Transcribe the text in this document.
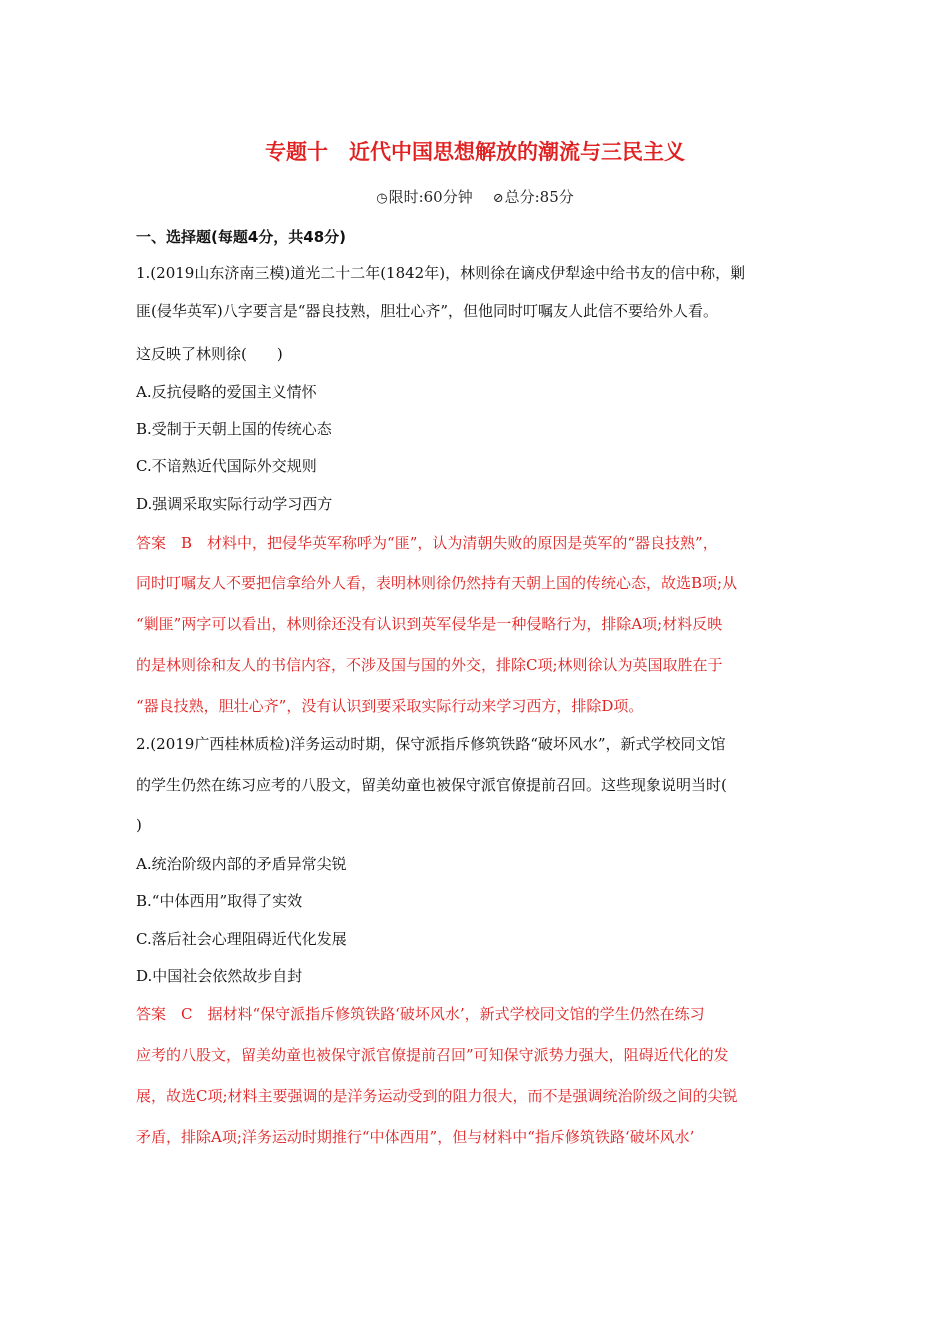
专题十　近代中国思想解放的潮流与三民主义
◷限时:60分钟 ⊘总分:85分
一、选择题(每题4分，共48分)
1.(2019山东济南三模)道光二十二年(1842年)，林则徐在谪戍伊犁途中给书友的信中称，剿
匪(侵华英军)八字要言是“器良技熟，胆壮心齐”，但他同时叮嘱友人此信不要给外人看。
这反映了林则徐(　　)
A.反抗侵略的爱国主义情怀
B.受制于天朝上国的传统心态
C.不谙熟近代国际外交规则
D.强调采取实际行动学习西方
答案　B　材料中，把侵华英军称呼为“匪”，认为清朝失败的原因是英军的“器良技熟”，
同时叮嘱友人不要把信拿给外人看，表明林则徐仍然持有天朝上国的传统心态，故选B项;从
“剿匪”两字可以看出，林则徐还没有认识到英军侵华是一种侵略行为，排除A项;材料反映
的是林则徐和友人的书信内容，不涉及国与国的外交，排除C项;林则徐认为英国取胜在于
“器良技熟，胆壮心齐”，没有认识到要采取实际行动来学习西方，排除D项。
2.(2019广西桂林质检)洋务运动时期，保守派指斥修筑铁路“破坏风水”，新式学校同文馆
的学生仍然在练习应考的八股文，留美幼童也被保守派官僚提前召回。这些现象说明当时(
)
A.统治阶级内部的矛盾异常尖锐
B.“中体西用”取得了实效
C.落后社会心理阻碍近代化发展
D.中国社会依然故步自封
答案　C　据材料“保守派指斥修筑铁路‘破坏风水’，新式学校同文馆的学生仍然在练习
应考的八股文，留美幼童也被保守派官僚提前召回”可知保守派势力强大，阻碍近代化的发
展，故选C项;材料主要强调的是洋务运动受到的阻力很大，而不是强调统治阶级之间的尖锐
矛盾，排除A项;洋务运动时期推行“中体西用”，但与材料中“指斥修筑铁路‘破坏风水’
